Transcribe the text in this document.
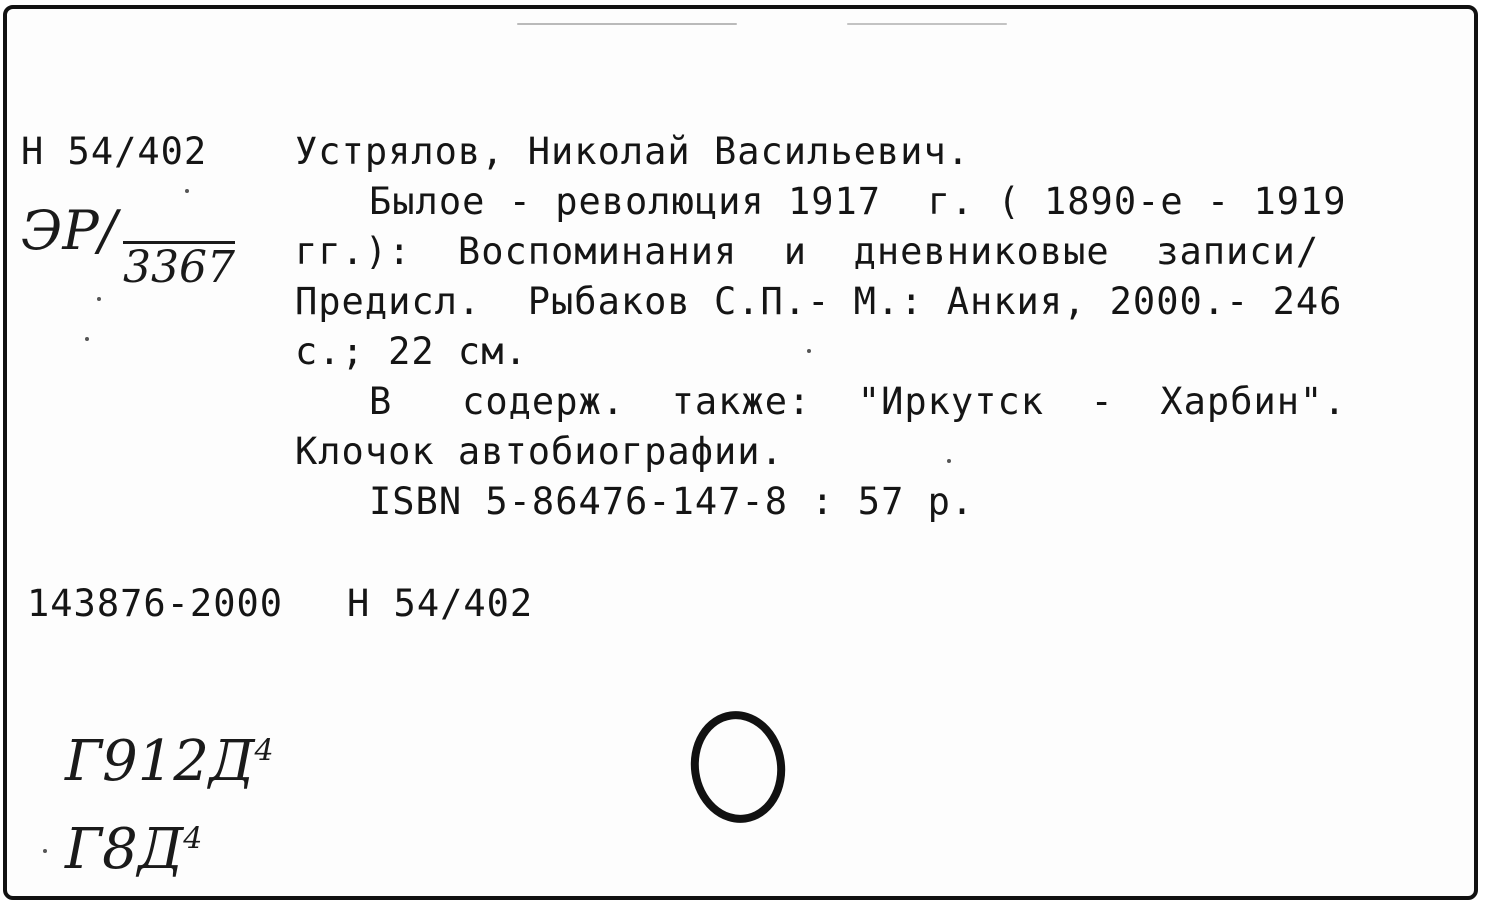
Н 54/402
ЭР/
3367
Устрялов, Николай Васильевич.
Былое - революция 1917  г. ( 1890-е - 1919
гг.):  Воспоминания  и  дневниковые  записи/
Предисл.  Рыбаков С.П.- М.: Анкия, 2000.- 246
с.; 22 см.
В   содерж.  также:  "Иркутск  -  Харбин".
Клочок автобиографии.
ISBN 5-86476-147-8 : 57 р.
143876-2000 Н 54/402
$Г912Д^4$
$Г8Д^4$
O
